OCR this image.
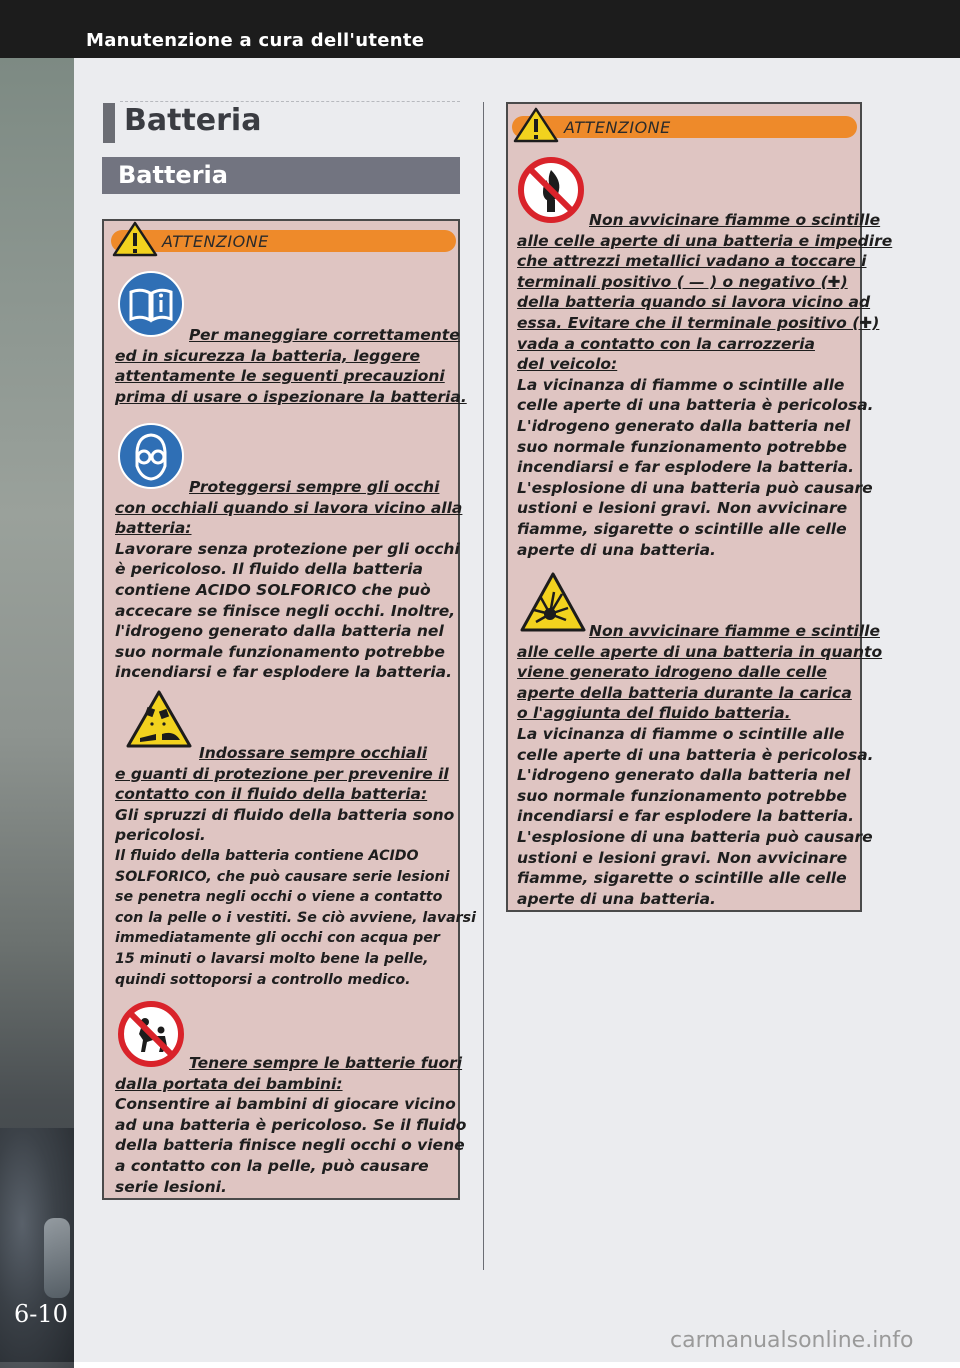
Manutenzione a cura dell'utente
6-10
Batteria
Batteria
ATTENZIONE
Per maneggiare correttamente
ed in sicurezza la batteria, leggere
attentamente le seguenti precauzioni
prima di usare o ispezionare la batteria.
Proteggersi sempre gli occhi
con occhiali quando si lavora vicino alla
batteria:
Lavorare senza protezione per gli occhi
è pericoloso. Il fluido della batteria
contiene ACIDO SOLFORICO che può
accecare se finisce negli occhi. Inoltre,
l'idrogeno generato dalla batteria nel
suo normale funzionamento potrebbe
incendiarsi e far esplodere la batteria.
Indossare sempre occhiali
e guanti di protezione per prevenire il
contatto con il fluido della batteria:
Gli spruzzi di fluido della batteria sono
pericolosi.
Il fluido della batteria contiene ACIDO
SOLFORICO, che può causare serie lesioni
se penetra negli occhi o viene a contatto
con la pelle o i vestiti. Se ciò avviene, lavarsi
immediatamente gli occhi con acqua per
15 minuti o lavarsi molto bene la pelle,
quindi sottoporsi a controllo medico.
Tenere sempre le batterie fuori
dalla portata dei bambini:
Consentire ai bambini di giocare vicino
ad una batteria è pericoloso. Se il fluido
della batteria finisce negli occhi o viene
a contatto con la pelle, può causare
serie lesioni.
ATTENZIONE
Non avvicinare fiamme o scintille
alle celle aperte di una batteria e impedire
che attrezzi metallici vadano a toccare i
terminali positivo ( — ) o negativo (✚)
della batteria quando si lavora vicino ad
essa. Evitare che il terminale positivo (✚)
vada a contatto con la carrozzeria
del veicolo:
La vicinanza di fiamme o scintille alle
celle aperte di una batteria è pericolosa.
L'idrogeno generato dalla batteria nel
suo normale funzionamento potrebbe
incendiarsi e far esplodere la batteria.
L'esplosione di una batteria può causare
ustioni e lesioni gravi. Non avvicinare
fiamme, sigarette o scintille alle celle
aperte di una batteria.
Non avvicinare fiamme e scintille
alle celle aperte di una batteria in quanto
viene generato idrogeno dalle celle
aperte della batteria durante la carica
o l'aggiunta del fluido batteria.
La vicinanza di fiamme o scintille alle
celle aperte di una batteria è pericolosa.
L'idrogeno generato dalla batteria nel
suo normale funzionamento potrebbe
incendiarsi e far esplodere la batteria.
L'esplosione di una batteria può causare
ustioni e lesioni gravi. Non avvicinare
fiamme, sigarette o scintille alle celle
aperte di una batteria.
carmanualsonline.info
